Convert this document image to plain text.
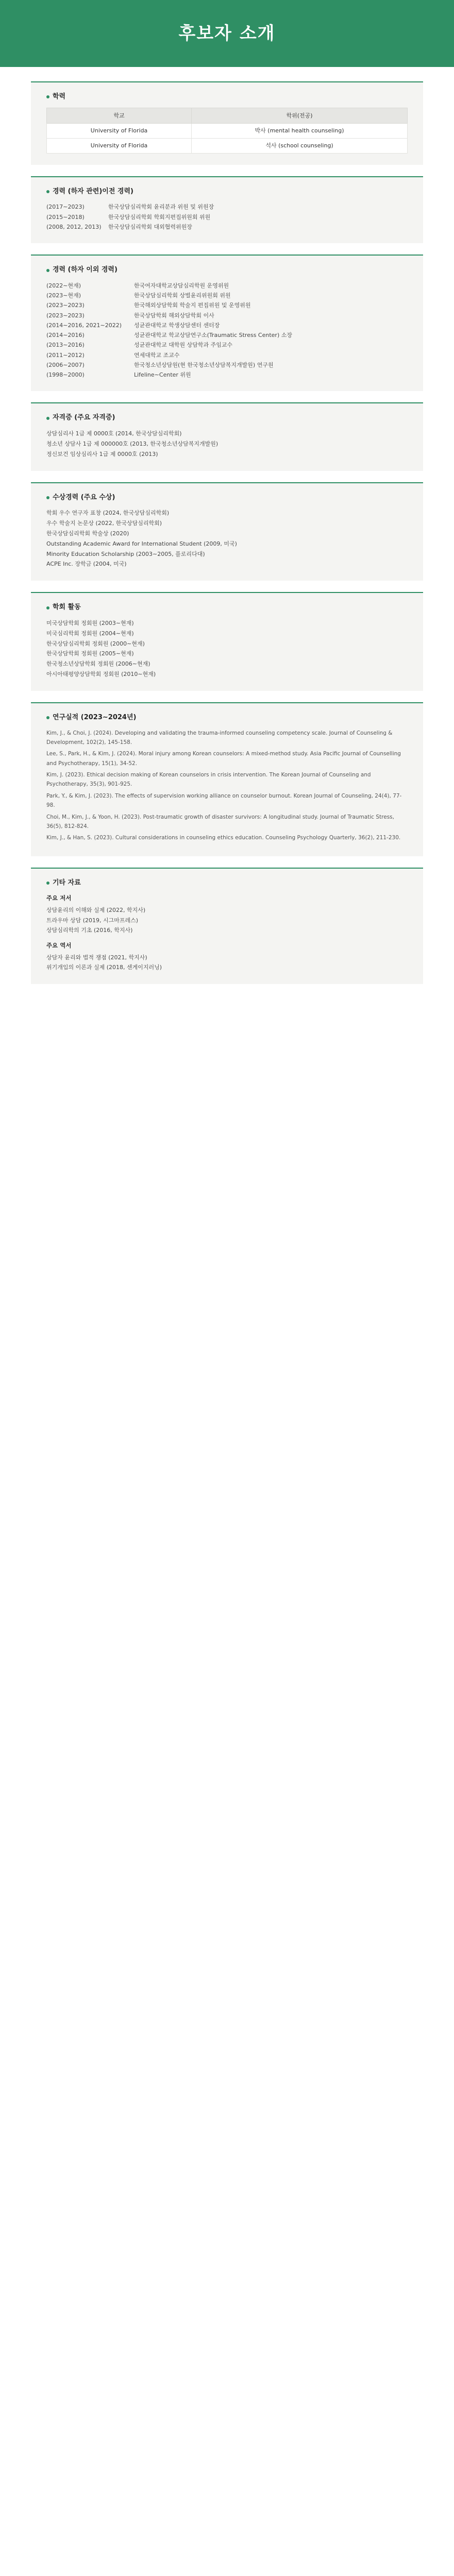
후보자 소개
학력
학교	학위(전공)
University of Florida	박사 (mental health counseling)
University of Florida	석사 (school counseling)
경력 (하자 관련)이전 경력)
(2017∼2023)	한국상담심리학회 윤리분과 위원 및 위원장
(2015∼2018)	한국상담심리학회 학회지편집위원회 위원
(2008, 2012, 2013)	한국상담심리학회 대외협력위원장
경력 (하자 이외 경력)
(2022∼현재)	한국여자대학교상담심리학원 운영위원
(2023∼현재)	한국상담심리학회 상벌윤리위원회 위원
(2023∼2023)	한국해외상담학회 학술지 편집위원 및 운영위원
(2023∼2023)	한국상담학회 해외상담학회 이사
(2014∼2016, 2021∼2022)	성균관대학교 학생상담센터 센터장
(2014∼2016)	성균관대학교 학교상담연구소(Traumatic Stress Center) 소장
(2013∼2016)	성균관대학교 대학원 상담학과 주임교수
(2011∼2012)	연세대학교 조교수
(2006∼2007)	한국청소년상담원(현 한국청소년상담복지개발원) 연구원
(1998∼2000)	Lifeline∼Center 위원
자격증 (주요 자격증)

상담심리사 1급 제 0000호 (2014, 한국상담심리학회)

청소년 상담사 1급 제 000000호 (2013, 한국청소년상담복지개발원)

정신보건 임상심리사 1급 제 0000호 (2013)

수상경력 (주요 수상)

학회 우수 연구자 표창 (2024, 한국상담심리학회)

우수 학술지 논문상 (2022, 한국상담심리학회)

한국상담심리학회 학술상 (2020)

Outstanding Academic Award for International Student (2009, 미국)

Minority Education Scholarship (2003∼2005, 플로리다대)

ACPE Inc. 장학금 (2004, 미국)

학회 활동

미국상담학회 정회원 (2003∼현재)

미국심리학회 정회원 (2004∼현재)

한국상담심리학회 정회원 (2000∼현재)

한국상담학회 정회원 (2005∼현재)

한국청소년상담학회 정회원 (2006∼현재)

아시아태평양상담학회 정회원 (2010∼현재)

연구실적 (2023∼2024년)

Kim, J., & Choi, J. (2024). Developing and validating the trauma-informed counseling competency scale. Journal of Counseling & Development, 102(2), 145-158.

Lee, S., Park, H., & Kim, J. (2024). Moral injury among Korean counselors: A mixed-method study. Asia Pacific Journal of Counselling and Psychotherapy, 15(1), 34-52.

Kim, J. (2023). Ethical decision making of Korean counselors in crisis intervention. The Korean Journal of Counseling and Psychotherapy, 35(3), 901-925.

Park, Y., & Kim, J. (2023). The effects of supervision working alliance on counselor burnout. Korean Journal of Counseling, 24(4), 77-98.

Choi, M., Kim, J., & Yoon, H. (2023). Post-traumatic growth of disaster survivors: A longitudinal study. Journal of Traumatic Stress, 36(5), 812-824.

Kim, J., & Han, S. (2023). Cultural considerations in counseling ethics education. Counseling Psychology Quarterly, 36(2), 211-230.

기타 자료
주요 저서

상담윤리의 이해와 실제 (2022, 학지사)

트라우마 상담 (2019, 시그마프레스)

상담심리학의 기초 (2016, 학지사)

주요 역서

상담자 윤리와 법적 쟁점 (2021, 학지사)

위기개입의 이론과 실제 (2018, 센게이지러닝)
